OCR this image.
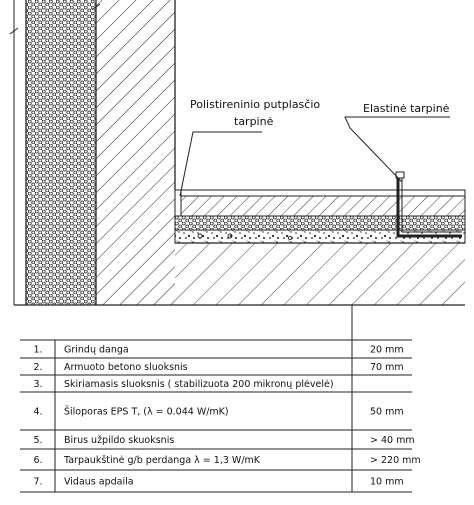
Polistireninio putplasčio
tarpinė
Elastinė tarpinė
1. Grindų danga	20 mm
2. Armuoto betono sluoksnis	70 mm
3. Skiriamasis sluoksnis ( stabilizuota 200 mikronų plėvelė)
4. Šiloporas EPS T, (λ = 0.044 W/mK)	50 mm
5. Birus užpildo skuoksnis	> 40 mm
6. Tarpaukštinė g/b perdanga λ = 1,3 W/mK	> 220 mm
7. Vidaus apdaila	10 mm
